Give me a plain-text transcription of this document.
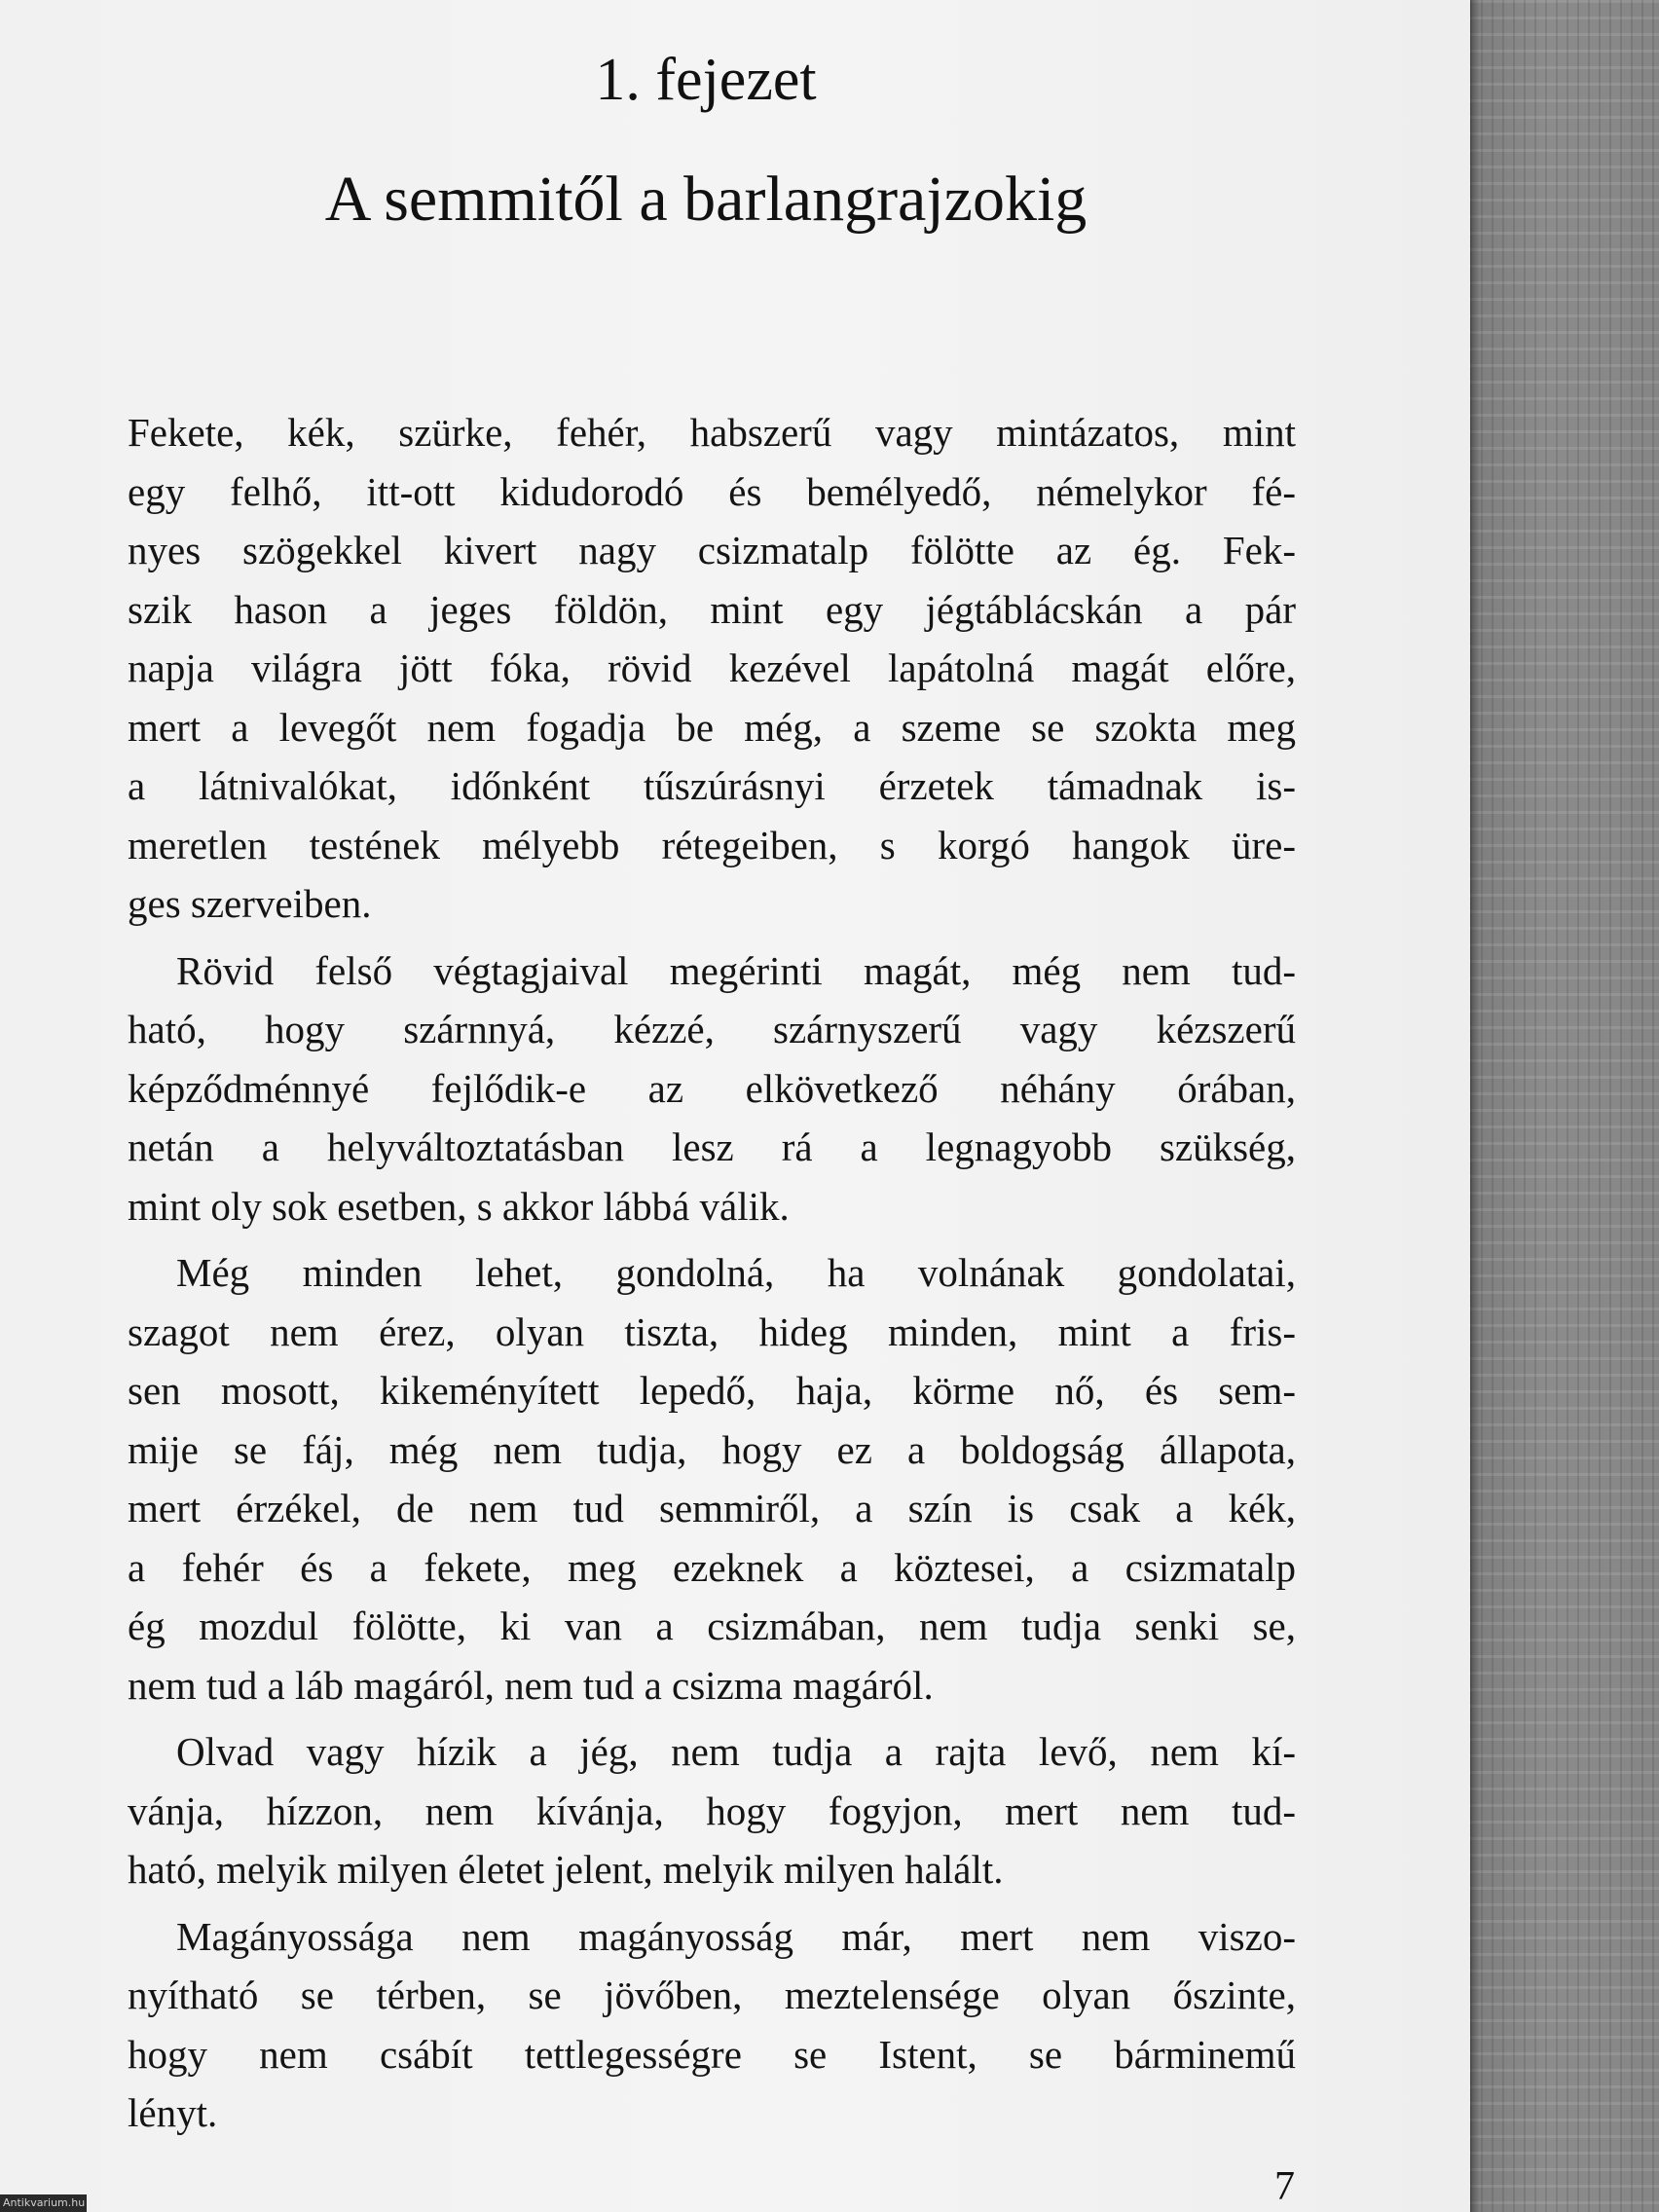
1. fejezet
A semmitől a barlangrajzokig

Fekete, kék, szürke, fehér, habszerű vagy mintázatos, mint
egy felhő, itt-ott kidudorodó és bemélyedő, némelykor fé-
nyes szögekkel kivert nagy csizmatalp fölötte az ég. Fek-
szik hason a jeges földön, mint egy jégtáblácskán a pár
napja világra jött fóka, rövid kezével lapátolná magát előre,
mert a levegőt nem fogadja be még, a szeme se szokta meg
a látnivalókat, időnként tűszúrásnyi érzetek támadnak is-
meretlen testének mélyebb rétegeiben, s korgó hangok üre-
ges szerveiben.

Rövid felső végtagjaival megérinti magát, még nem tud-
ható, hogy szárnnyá, kézzé, szárnyszerű vagy kézszerű
képződménnyé fejlődik-e az elkövetkező néhány órában,
netán a helyváltoztatásban lesz rá a legnagyobb szükség,
mint oly sok esetben, s akkor lábbá válik.

Még minden lehet, gondolná, ha volnának gondolatai,
szagot nem érez, olyan tiszta, hideg minden, mint a fris-
sen mosott, kikeményített lepedő, haja, körme nő, és sem-
mije se fáj, még nem tudja, hogy ez a boldogság állapota,
mert érzékel, de nem tud semmiről, a szín is csak a kék,
a fehér és a fekete, meg ezeknek a köztesei, a csizmatalp
ég mozdul fölötte, ki van a csizmában, nem tudja senki se,
nem tud a láb magáról, nem tud a csizma magáról.

Olvad vagy hízik a jég, nem tudja a rajta levő, nem kí-
vánja, hízzon, nem kívánja, hogy fogyjon, mert nem tud-
ható, melyik milyen életet jelent, melyik milyen halált.

Magányossága nem magányosság már, mert nem viszo-
nyítható se térben, se jövőben, meztelensége olyan őszinte,
hogy nem csábít tettlegességre se Istent, se bárminemű
lényt.

7
Antikvarium.hu
